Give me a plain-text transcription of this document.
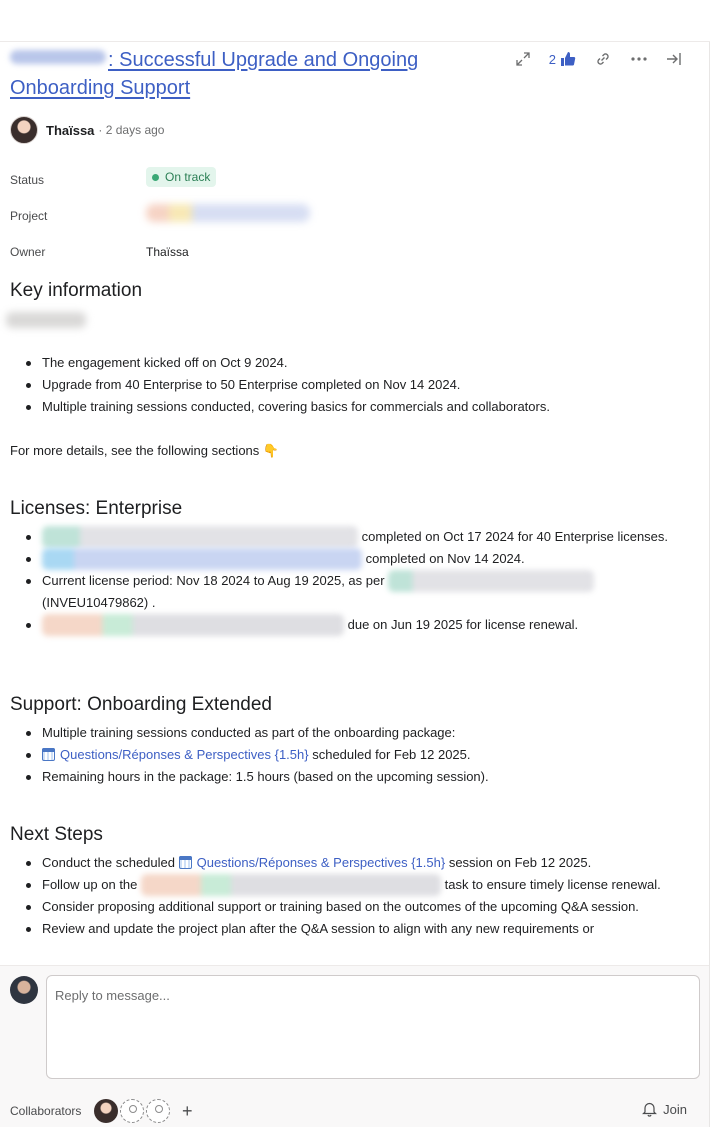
: Successful Upgrade and Ongoing Onboarding Support
2
Thaïssa · 2 days ago
Status	On track
Project
Owner	Thaïssa
Key information
The engagement kicked off on Oct 9 2024.
Upgrade from 40 Enterprise to 50 Enterprise completed on Nov 14 2024.
Multiple training sessions conducted, covering basics for commercials and collaborators.
For more details, see the following sections 👇
Licenses: Enterprise
completed on Oct 17 2024 for 40 Enterprise licenses.
completed on Nov 14 2024.
Current license period: Nov 18 2024 to Aug 19 2025, as per  (INVEU10479862) .
due on Jun 19 2025 for license renewal.
Support: Onboarding Extended
Multiple training sessions conducted as part of the onboarding package:
Questions/Réponses & Perspectives {1.5h} scheduled for Feb 12 2025.
Remaining hours in the package: 1.5 hours (based on the upcoming session).
Next Steps
Conduct the scheduled Questions/Réponses & Perspectives {1.5h} session on Feb 12 2025.
Follow up on the	task to ensure timely license renewal.
Consider proposing additional support or training based on the outcomes of the upcoming Q&A session.
Review and update the project plan after the Q&A session to align with any new requirements or
Reply to message...
Collaborators	+	Join
